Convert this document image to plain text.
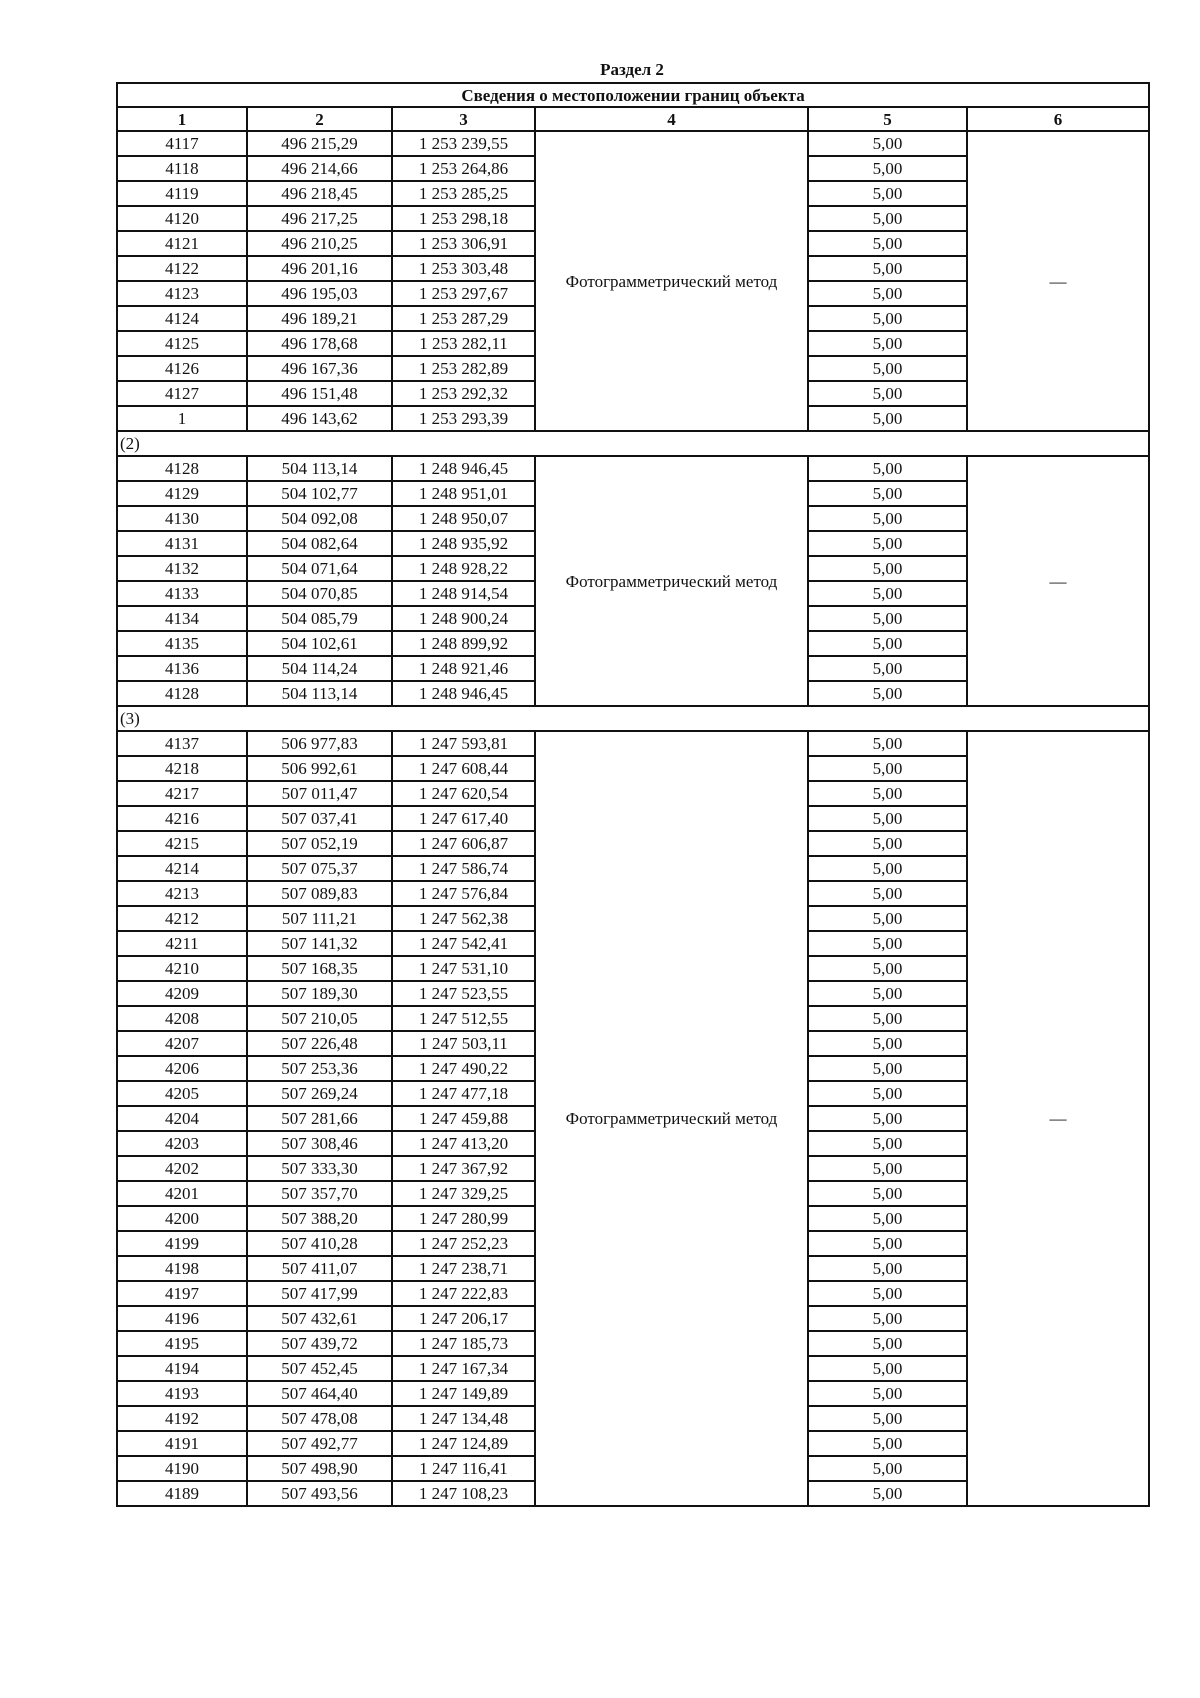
Раздел 2
Сведения о местоположении границ объекта					
1	2	3	4	5	6
4117	496 215,29	1 253 239,55	Фотограмметрический метод	5,00	—
4118	496 214,66	1 253 264,86		5,00	
4119	496 218,45	1 253 285,25		5,00	
4120	496 217,25	1 253 298,18		5,00	
4121	496 210,25	1 253 306,91		5,00	
4122	496 201,16	1 253 303,48		5,00	
4123	496 195,03	1 253 297,67		5,00	
4124	496 189,21	1 253 287,29		5,00	
4125	496 178,68	1 253 282,11		5,00	
4126	496 167,36	1 253 282,89		5,00	
4127	496 151,48	1 253 292,32		5,00	
1	496 143,62	1 253 293,39		5,00	
(2)					
4128	504 113,14	1 248 946,45	Фотограмметрический метод	5,00	—
4129	504 102,77	1 248 951,01		5,00	
4130	504 092,08	1 248 950,07		5,00	
4131	504 082,64	1 248 935,92		5,00	
4132	504 071,64	1 248 928,22		5,00	
4133	504 070,85	1 248 914,54		5,00	
4134	504 085,79	1 248 900,24		5,00	
4135	504 102,61	1 248 899,92		5,00	
4136	504 114,24	1 248 921,46		5,00	
4128	504 113,14	1 248 946,45		5,00	
(3)					
4137	506 977,83	1 247 593,81	Фотограмметрический метод	5,00	—
4218	506 992,61	1 247 608,44		5,00	
4217	507 011,47	1 247 620,54		5,00	
4216	507 037,41	1 247 617,40		5,00	
4215	507 052,19	1 247 606,87		5,00	
4214	507 075,37	1 247 586,74		5,00	
4213	507 089,83	1 247 576,84		5,00	
4212	507 111,21	1 247 562,38		5,00	
4211	507 141,32	1 247 542,41		5,00	
4210	507 168,35	1 247 531,10		5,00	
4209	507 189,30	1 247 523,55		5,00	
4208	507 210,05	1 247 512,55		5,00	
4207	507 226,48	1 247 503,11		5,00	
4206	507 253,36	1 247 490,22		5,00	
4205	507 269,24	1 247 477,18		5,00	
4204	507 281,66	1 247 459,88		5,00	
4203	507 308,46	1 247 413,20		5,00	
4202	507 333,30	1 247 367,92		5,00	
4201	507 357,70	1 247 329,25		5,00	
4200	507 388,20	1 247 280,99		5,00	
4199	507 410,28	1 247 252,23		5,00	
4198	507 411,07	1 247 238,71		5,00	
4197	507 417,99	1 247 222,83		5,00	
4196	507 432,61	1 247 206,17		5,00	
4195	507 439,72	1 247 185,73		5,00	
4194	507 452,45	1 247 167,34		5,00	
4193	507 464,40	1 247 149,89		5,00	
4192	507 478,08	1 247 134,48		5,00	
4191	507 492,77	1 247 124,89		5,00	
4190	507 498,90	1 247 116,41		5,00	
4189	507 493,56	1 247 108,23		5,00	
